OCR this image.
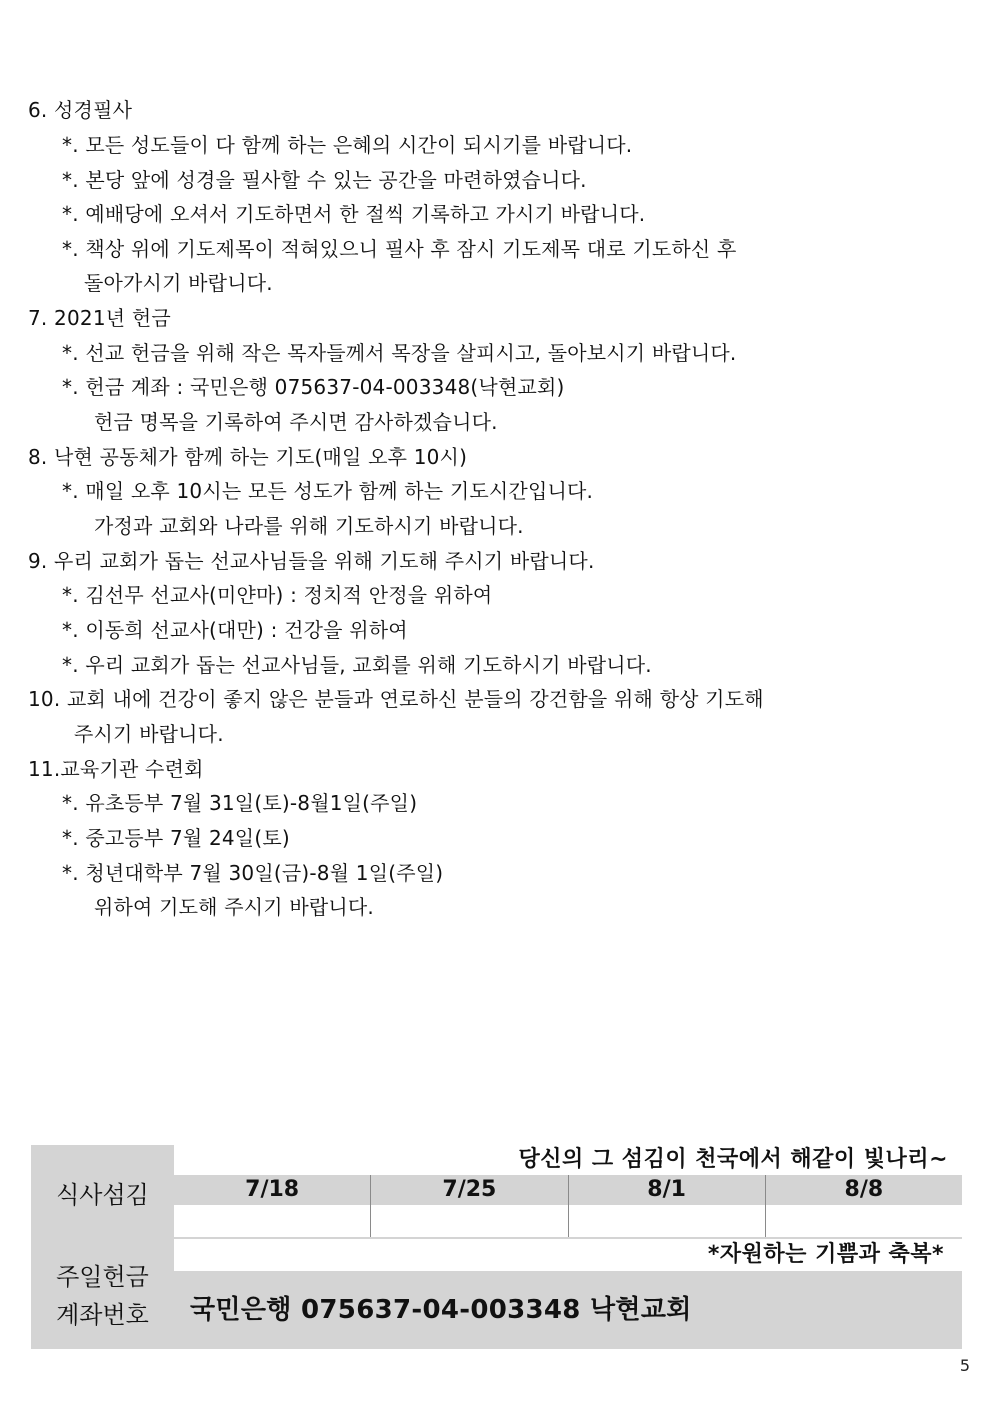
6. 성경필사
*. 모든 성도들이 다 함께 하는 은혜의 시간이 되시기를 바랍니다.
*. 본당 앞에 성경을 필사할 수 있는 공간을 마련하였습니다.
*. 예배당에 오셔서 기도하면서 한 절씩 기록하고 가시기 바랍니다.
*. 책상 위에 기도제목이 적혀있으니 필사 후 잠시 기도제목 대로 기도하신 후
돌아가시기 바랍니다.
7. 2021년 헌금
*. 선교 헌금을 위해 작은 목자들께서 목장을 살피시고, 돌아보시기 바랍니다.
*. 헌금 계좌 : 국민은행 075637-04-003348(낙현교회)
헌금 명목을 기록하여 주시면 감사하겠습니다.
8. 낙현 공동체가 함께 하는 기도(매일 오후 10시)
*. 매일 오후 10시는 모든 성도가 함께 하는 기도시간입니다.
가정과 교회와 나라를 위해 기도하시기 바랍니다.
9. 우리 교회가 돕는 선교사님들을 위해 기도해 주시기 바랍니다.
*. 김선무 선교사(미얀마) : 정치적 안정을 위하여
*. 이동희 선교사(대만) : 건강을 위하여
*. 우리 교회가 돕는 선교사님들, 교회를 위해 기도하시기 바랍니다.
10. 교회 내에 건강이 좋지 않은 분들과 연로하신 분들의 강건함을 위해 항상 기도해
주시기 바랍니다.
11.교육기관 수련회
*. 유초등부 7월 31일(토)-8월1일(주일)
*. 중고등부 7월 24일(토)
*. 청년대학부 7월 30일(금)-8월 1일(주일)
위하여 기도해 주시기 바랍니다.
식사섬김
주일헌금
계좌번호
당신의 그 섬김이 천국에서 해같이 빛나리~
7/18	7/25	8/1	8/8
*자원하는 기쁨과 축복*
국민은행 075637-04-003348 낙현교회
5
